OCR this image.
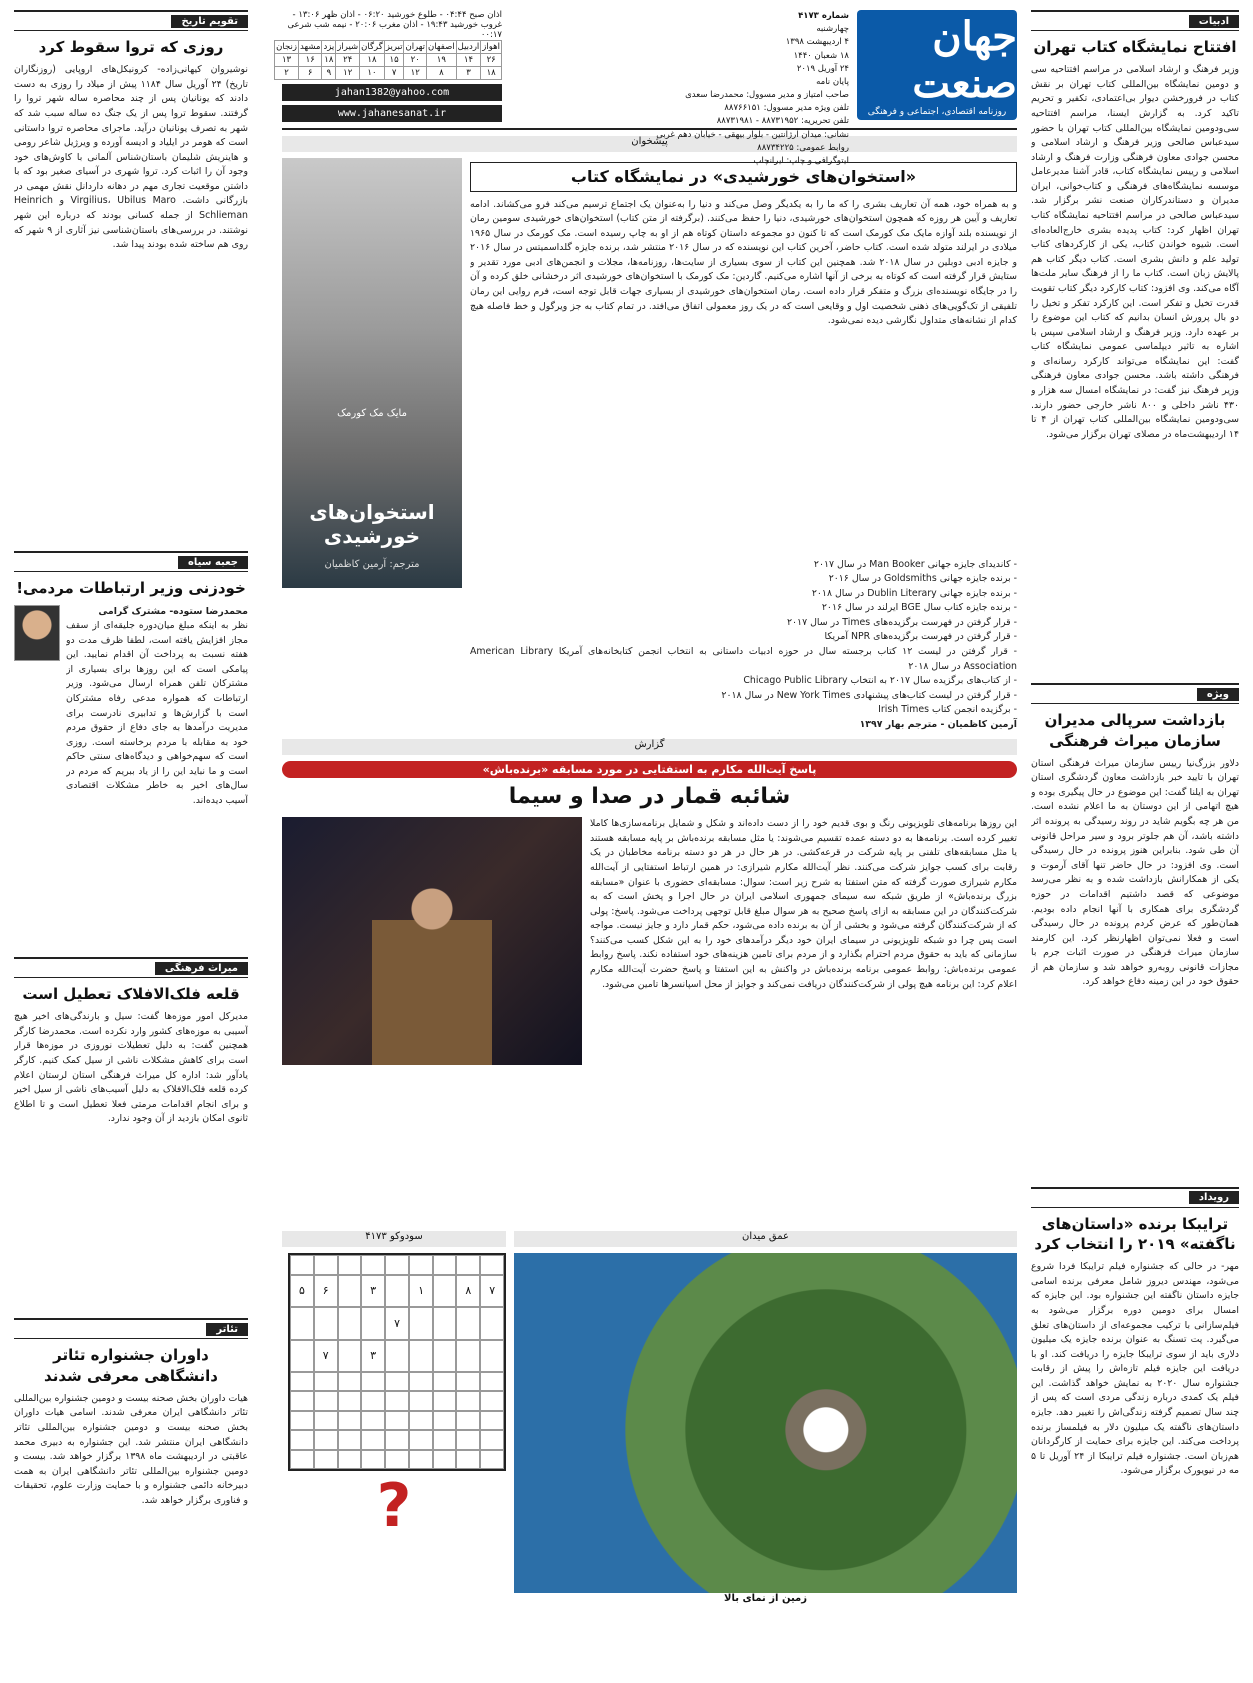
ادبیات
افتتاح نمایشگاه کتاب تهران
وزیر فرهنگ و ارشاد اسلامی در مراسم افتتاحیه سی و دومین نمایشگاه بین‌المللی کتاب تهران بر نقش کتاب در فرورخشن دیوار بی‌اعتمادی، تکفیر و تحریم تاکید کرد. به گزارش ایسنا، مراسم افتتاحیه سی‌ودومین نمایشگاه بین‌المللی کتاب تهران با حضور سیدعباس صالحی وزیر فرهنگ و ارشاد اسلامی و محسن جوادی معاون فرهنگی وزارت فرهنگ و ارشاد اسلامی و رییس نمایشگاه کتاب، قادر آشنا مدیرعامل موسسه نمایشگاه‌های فرهنگی و کتاب‌خوانی، ایران مدیران و دستاندرکاران صنعت نشر برگزار شد. سیدعباس صالحی در مراسم افتتاحیه نمایشگاه کتاب تهران اظهار کرد: کتاب پدیده بشری خارج‌العاده‌ای است. شیوه خواندن کتاب، یکی از کارکردهای کتاب تولید علم و دانش بشری است. کتاب دیگر کتاب هم پالایش زبان است. کتاب ما را از فرهنگ سایر ملت‌ها آگاه می‌کند. وی افزود: کتاب کارکرد دیگر کتاب تقویت قدرت تخیل و تفکر است. این کارکرد تفکر و تخیل را دو بال پرورش انسان بدانیم که کتاب این موضوع را بر عهده دارد. وزیر فرهنگ و ارشاد اسلامی سپس با اشاره به تاثیر دیپلماسی عمومی نمایشگاه کتاب گفت: این نمایشگاه می‌تواند کارکرد رسانه‌ای و فرهنگی داشته باشد. محسن جوادی معاون فرهنگی وزیر فرهنگ نیز گفت: در نمایشگاه امسال سه هزار و ۴۳۰ ناشر داخلی و ۸۰۰ ناشر خارجی حضور دارند. سی‌ودومین نمایشگاه بین‌المللی کتاب تهران از ۴ تا ۱۴ اردیبهشت‌ماه در مصلای تهران برگزار می‌شود.
ویژه
بازداشت سرپالی مدیران سازمان میراث فرهنگی
دلاور بزرگ‌نیا رییس سازمان میراث فرهنگی استان تهران با تایید خبر بازداشت معاون گردشگری استان تهران به ایلنا گفت: این موضوع در حال پیگیری بوده و هیچ اتهامی از این دوستان به ما اعلام نشده است. من هر چه بگویم شاید در روند رسیدگی به پرونده اثر داشته باشد، آن هم جلوتر برود و سیر مراحل قانونی آن طی شود. بنابراین هنوز پرونده در حال رسیدگی است. وی افزود: در حال حاضر تنها آقای آرموت و یکی از همکارانش بازداشت شده و به نظر می‌رسد موضوعی که قصد داشتیم اقدامات در حوزه گردشگری برای همکاری با آنها انجام داده بودیم. همان‌طور که عرض کردم پرونده در حال رسیدگی است و فعلا نمی‌توان اظهارنظر کرد. این کارمند سازمان میراث فرهنگی در صورت اثبات جرم با مجازات قانونی روبه‌رو خواهد شد و سازمان هم از حقوق خود در این زمینه دفاع خواهد کرد.
رویداد
ترایبکا برنده «داستان‌های ناگفته» ۲۰۱۹ را انتخاب کرد
مهر- در حالی که جشنواره فیلم ترایبکا فردا شروع می‌شود، مهندس دیروز شامل معرفی برنده اسامی جایزه داستان ناگفته این جشنواره بود. این جایزه که امسال برای دومین دوره برگزار می‌شود به فیلم‌سازانی با ترکیب مجموعه‌ای از داستان‌های تعلق می‌گیرد. پت تسنگ به عنوان برنده جایزه یک میلیون دلاری باید از سوی ترایبکا جایزه را دریافت کند. او با دریافت این جایزه فیلم تازه‌اش را پیش از رقابت جشنواره سال ۲۰۲۰ به نمایش خواهد گذاشت. این فیلم یک کمدی درباره زندگی مردی است که پس از چند سال تصمیم گرفته زندگی‌اش را تغییر دهد. جایزه داستان‌های ناگفته یک میلیون دلار به فیلمساز برنده پرداخت می‌کند. این جایزه برای حمایت از کارگردانان هم‌زبان است. جشنواره فیلم ترایبکا از ۲۴ آوریل تا ۵ مه در نیویورک برگزار می‌شود.
جهان صنعت
روزنامه اقتصادی، اجتماعی و فرهنگی
شماره ۴۱۷۳
چهارشنبه
۴ اردیبهشت ۱۳۹۸
۱۸ شعبان ۱۴۴۰
۲۴ آوریل ۲۰۱۹
پایان نامه
صاحب امتیاز و مدیر مسوول: محمدرضا سعدی
تلفن ویژه مدیر مسوول: ۸۸۷۶۶۱۵۱
تلفن تحریریه: ۸۸۷۳۱۹۵۲ - ۸۸۷۳۱۹۸۱
نشانی: میدان آرژانتین - بلوار بیهقی - خیابان دهم غربی
روابط عمومی: ۸۸۷۳۴۲۲۵
لیتوگرافی و چاپ: ایرانچاپ
اذان صبح ۰۴:۴۴ - طلوع خورشید ۰۶:۲۰ - اذان ظهر ۱۳:۰۶ - غروب خورشید ۱۹:۴۳ - اذان مغرب ۲۰:۰۶ - نیمه شب شرعی ۰۰:۱۷
اهواز	اردبیل	اصفهان	تهران	تبریز	گرگان	شیراز	یزد	مشهد	زنجان
۲۶	۱۴	۱۹	۲۰	۱۵	۱۸	۲۴	۱۸	۱۶	۱۳
۱۸	۳	۸	۱۲	۷	۱۰	۱۲	۹	۶	۲
jahan1382@yahoo.com
www.jahanesanat.ir
پیشخوان
«استخوان‌های خورشیدی» در نمایشگاه کتاب
و به همراه خود، همه آن تعاریف بشری را که ما را به یکدیگر وصل می‌کند و دنیا را به‌عنوان یک اجتماع ترسیم می‌کند فرو می‌کشاند. ادامه تعاریف و آیین هر روزه که همچون استخوان‌های خورشیدی، دنیا را حفظ می‌کنند. (برگرفته از متن کتاب) استخوان‌های خورشیدی سومین رمان از نویسنده بلند آوازه مایک مک کورمک است که تا کنون دو مجموعه داستان کوتاه هم از او به چاپ رسیده است. مک کورمک در سال ۱۹۶۵ میلادی در ایرلند متولد شده است. کتاب حاضر، آخرین کتاب این نویسنده که در سال ۲۰۱۶ منتشر شد، برنده جایزه گلداسمیتس در سال ۲۰۱۶ و جایزه ادبی دوبلین در سال ۲۰۱۸ شد. همچنین این کتاب از سوی بسیاری از سایت‌ها، روزنامه‌ها، مجلات و انجمن‌های ادبی مورد تقدیر و ستایش قرار گرفته است که کوتاه به برخی از آنها اشاره می‌کنیم. گاردین: مک کورمک با استخوان‌های خورشیدی اثر درخشانی خلق کرده و آن را در جایگاه نویسنده‌ای بزرگ و متفکر قرار داده است. رمان استخوان‌های خورشیدی از بسیاری جهات قابل توجه است، فرم روایی این رمان تلفیقی از تک‌گویی‌های ذهنی شخصیت اول و وقایعی است که در یک روز معمولی اتفاق می‌افتد. در تمام کتاب به جز ویرگول و خط فاصله هیچ کدام از نشانه‌های متداول نگارشی دیده نمی‌شود.
- کاندیدای جایزه جهانی Man Booker در سال ۲۰۱۷
- برنده جایزه جهانی Goldsmiths در سال ۲۰۱۶
- برنده جایزه جهانی Dublin Literary در سال ۲۰۱۸
- برنده جایزه کتاب سال BGE ایرلند در سال ۲۰۱۶
- قرار گرفتن در فهرست برگزیده‌های Times در سال ۲۰۱۷
- قرار گرفتن در فهرست برگزیده‌های NPR آمریکا
- قرار گرفتن در لیست ۱۲ کتاب برجسته سال در حوزه ادبیات داستانی به انتخاب انجمن کتابخانه‌های آمریکا American Library Association در سال ۲۰۱۸
- از کتاب‌های برگزیده سال ۲۰۱۷ به انتخاب Chicago Public Library
- قرار گرفتن در لیست کتاب‌های پیشنهادی New York Times در سال ۲۰۱۸
- برگزیده انجمن کتاب Irish Times
آرمین کاظمیان - مترجم بهار ۱۳۹۷
مایک مک کورمک
استخوان‌های خورشیدی
مترجم: آرمین کاظمیان
گزارش
پاسخ آیت‌الله مکارم به استفتایی در مورد مسابقه «برنده‌باش»
شائبه قمار در صدا و سیما
این روزها برنامه‌های تلویزیونی رنگ و بوی قدیم خود را از دست داده‌اند و شکل و شمایل برنامه‌سازی‌ها کاملا تغییر کرده است. برنامه‌ها به دو دسته عمده تقسیم می‌شوند: یا مثل مسابقه برنده‌باش بر پایه مسابقه هستند یا مثل مسابقه‌های تلفنی بر پایه شرکت در قرعه‌کشی. در هر حال در هر دو دسته برنامه مخاطبان در یک رقابت برای کسب جوایز شرکت می‌کنند. نظر آیت‌الله مکارم شیرازی: در همین ارتباط استفتایی از آیت‌الله مکارم شیرازی صورت گرفته که متن استفتا به شرح زیر است: سوال: مسابقه‌ای حضوری با عنوان «مسابقه بزرگ برنده‌باش» از طریق شبکه سه سیمای جمهوری اسلامی ایران در حال اجرا و پخش است که به شرکت‌کنندگان در این مسابقه به ازای پاسخ صحیح به هر سوال مبلغ قابل توجهی پرداخت می‌شود. پاسخ: پولی که از شرکت‌کنندگان گرفته می‌شود و بخشی از آن به برنده داده می‌شود، حکم قمار دارد و جایز نیست. مواجه است پس چرا دو شبکه تلویزیونی در سیمای ایران خود دیگر درآمدهای خود را به این شکل کسب می‌کنند؟ سازمانی که باید به حقوق مردم احترام بگذارد و از مردم برای تامین هزینه‌های خود استفاده نکند. پاسخ روابط عمومی برنده‌باش: روابط عمومی برنامه برنده‌باش در واکنش به این استفتا و پاسخ حضرت آیت‌الله مکارم اعلام کرد: این برنامه هیچ پولی از شرکت‌کنندگان دریافت نمی‌کند و جوایز از محل اسپانسرها تامین می‌شود.
عمق میدان
زمین از نمای بالا
سودوکو ۴۱۷۳
۷
۸
۱
۳
۶
۵
۷
۳
۷
?
تقویم تاریخ
روزی که تروا سقوط کرد
نوشیروان کیهانی‌زاده- کرونیکل‌های اروپایی (روزنگاران تاریخ) ۲۴ آوریل سال ۱۱۸۴ پیش از میلاد را روزی به دست دادند که یونانیان پس از چند محاصره ساله شهر تروا را گرفتند. سقوط تروا پس از یک جنگ ده ساله سبب شد که شهر به تصرف یونانیان درآید. ماجرای محاصره تروا داستانی است که هومر در ایلیاد و ادیسه آورده و ویرژیل شاعر رومی و هاینریش شلیمان باستان‌شناس آلمانی با کاوش‌های خود وجود آن را اثبات کرد. تروا شهری در آسیای صغیر بود که با داشتن موقعیت تجاری مهم در دهانه داردانل نقش مهمی در بازرگانی داشت. Virgilius، Ubilus Maro و Heinrich Schlieman از جمله کسانی بودند که درباره این شهر نوشتند. در بررسی‌های باستان‌شناسی نیز آثاری از ۹ شهر که روی هم ساخته شده بودند پیدا شد.
جعبه سیاه
خودزنی وزیر ارتباطات مردمی!
محمدرضا ستوده- مشترک گرامی
نظر به اینکه مبلغ میان‌دوره جلیقه‌ای از سقف مجاز افزایش یافته است، لطفا ظرف مدت دو هفته نسبت به پرداخت آن اقدام نمایید. این پیامکی است که این روزها برای بسیاری از مشترکان تلفن همراه ارسال می‌شود. وزیر ارتباطات که همواره مدعی رفاه مشترکان است با گزارش‌ها و تدابیری نادرست برای مدیریت درآمدها به جای دفاع از حقوق مردم خود به مقابله با مردم برخاسته است. روزی است که سهم‌خواهی و دیدگاه‌های سنتی حاکم است و ما نباید این را از یاد ببریم که مردم در سال‌های اخیر به خاطر مشکلات اقتصادی آسیب دیده‌اند.
میراث فرهنگی
قلعه فلک‌الافلاک تعطیل است
مدیرکل امور موزه‌ها گفت: سیل و بارندگی‌های اخیر هیچ آسیبی به موزه‌های کشور وارد نکرده است. محمدرضا کارگر همچنین گفت: به دلیل تعطیلات نوروزی در موزه‌ها قرار است برای کاهش مشکلات ناشی از سیل کمک کنیم. کارگر یادآور شد: اداره کل میراث فرهنگی استان لرستان اعلام کرده قلعه فلک‌الافلاک به دلیل آسیب‌های ناشی از سیل اخیر و برای انجام اقدامات مرمتی فعلا تعطیل است و تا اطلاع ثانوی امکان بازدید از آن وجود ندارد.
تئاتر
داوران جشنواره تئاتر دانشگاهی معرفی شدند
هیات داوران بخش صحنه بیست و دومین جشنواره بین‌المللی تئاتر دانشگاهی ایران معرفی شدند. اسامی هیات داوران بخش صحنه بیست و دومین جشنواره بین‌المللی تئاتر دانشگاهی ایران منتشر شد. این جشنواره به دبیری محمد عاقبتی در اردیبهشت ماه ۱۳۹۸ برگزار خواهد شد. بیست و دومین جشنواره بین‌المللی تئاتر دانشگاهی ایران به همت دبیرخانه دائمی جشنواره و با حمایت وزارت علوم، تحقیقات و فناوری برگزار خواهد شد.
